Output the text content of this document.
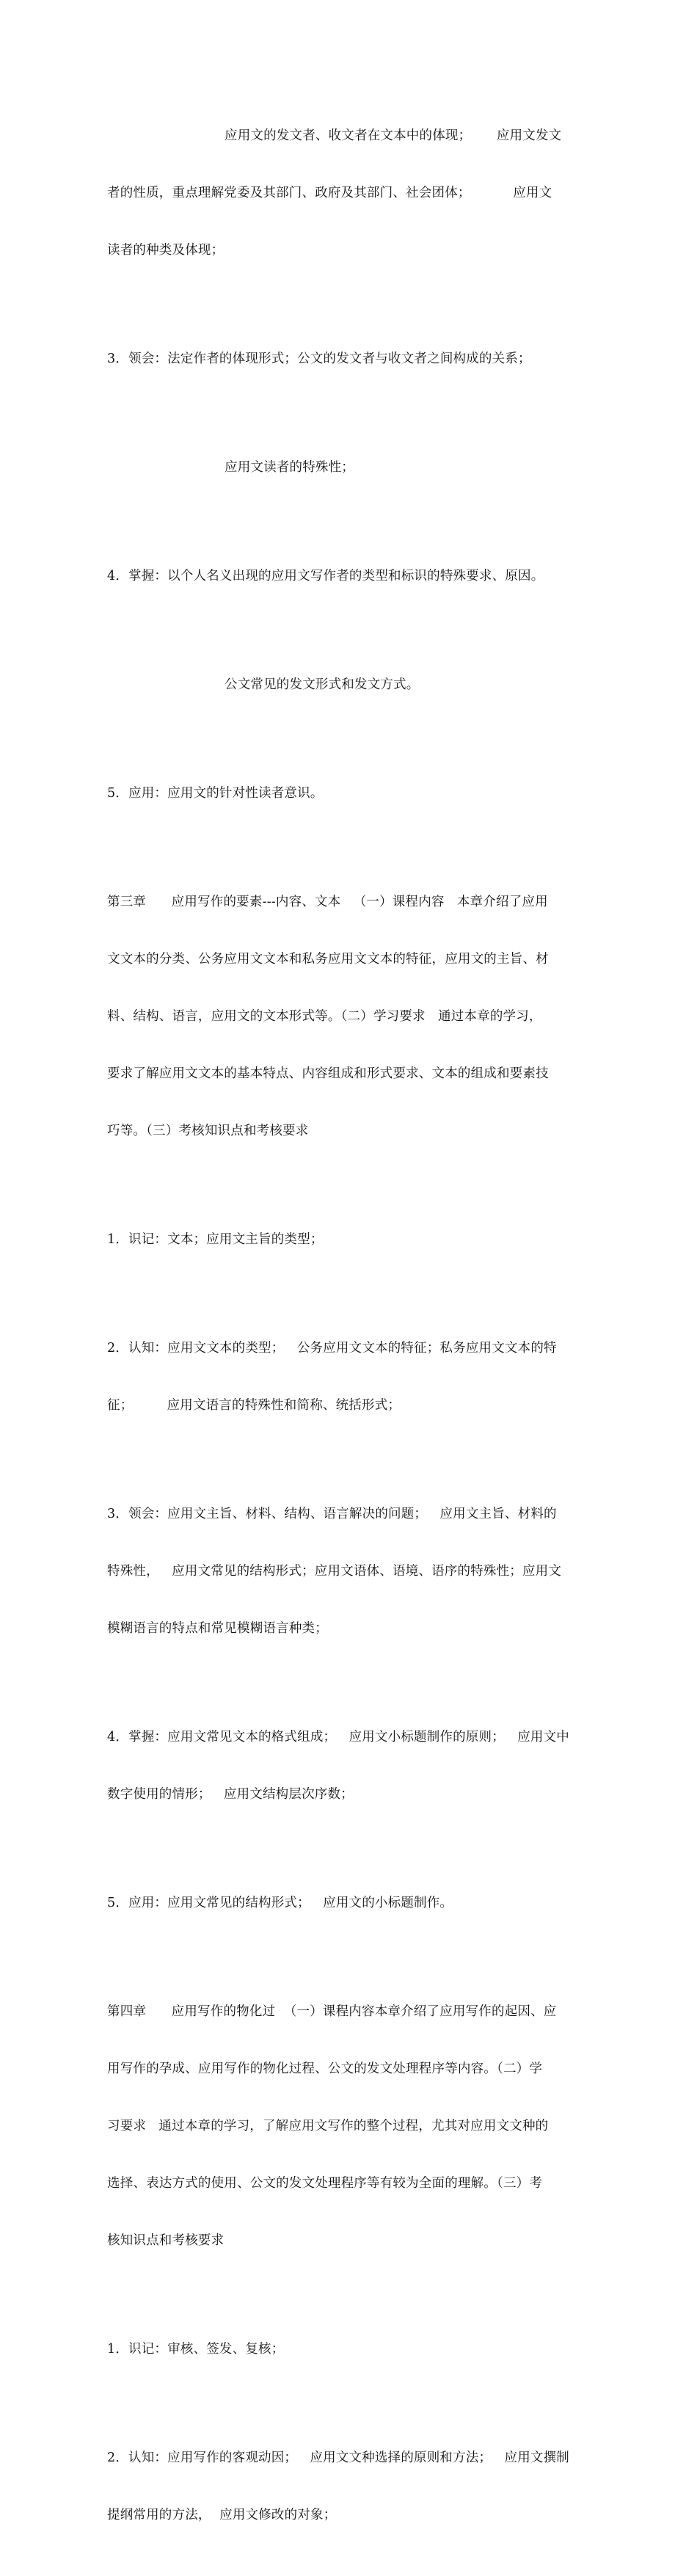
应用文的发文者、收文者在文本中的体现；      应用文发文

者的性质，重点理解党委及其部门、政府及其部门、社会团体；          应用文

读者的种类及体现；

3．领会：法定作者的体现形式；公文的发文者与收文者之间构成的关系；

应用文读者的特殊性；

4．掌握：以个人名义出现的应用文写作者的类型和标识的特殊要求、原因。

公文常见的发文形式和发文方式。

5．应用：应用文的针对性读者意识。

第三章      应用写作的要素---内容、文本   （一）课程内容   本章介绍了应用

文文本的分类、公务应用文文本和私务应用文文本的特征，应用文的主旨、材

料、结构、语言，应用文的文本形式等。（二）学习要求   通过本章的学习，

要求了解应用文文本的基本特点、内容组成和形式要求、文本的组成和要素技

巧等。（三）考核知识点和考核要求

1．识记：文本；应用文主旨的类型；

2．认知：应用文文本的类型；   公务应用文文本的特征；私务应用文文本的特

征；        应用文语言的特殊性和简称、统括形式；

3．领会：应用文主旨、材料、结构、语言解决的问题；   应用文主旨、材料的

特殊性，   应用文常见的结构形式；应用文语体、语境、语序的特殊性；应用文

模糊语言的特点和常见模糊语言种类；

4．掌握：应用文常见文本的格式组成；   应用文小标题制作的原则；   应用文中

数字使用的情形；   应用文结构层次序数；

5．应用：应用文常见的结构形式；   应用文的小标题制作。

第四章      应用写作的物化过  （一）课程内容本章介绍了应用写作的起因、应

用写作的孕成、应用写作的物化过程、公文的发文处理程序等内容。（二）学

习要求   通过本章的学习，了解应用文写作的整个过程，尤其对应用文文种的

选择、表达方式的使用、公文的发文处理程序等有较为全面的理解。（三）考

核知识点和考核要求

1．识记：审核、签发、复核；

2．认知：应用写作的客观动因；   应用文文种选择的原则和方法；   应用文撰制

提纲常用的方法，  应用文修改的对象；
